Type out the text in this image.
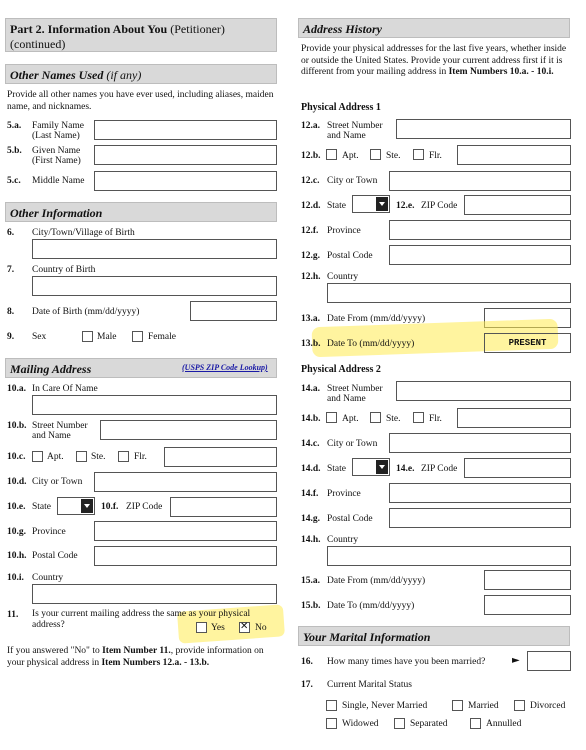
Part 2. Information About You (Petitioner)
(continued)
Other Names Used (if any)
Provide all other names you have ever used, including aliases, maiden name, and nicknames.
5.a. Family Name
(Last Name)
5.b. Given Name
(First Name)
5.c. Middle Name
Other Information
6. City/Town/Village of Birth
7. Country of Birth
8. Date of Birth (mm/dd/yyyy)
9. Sex	Male	Female
Mailing Address	(USPS ZIP Code Lookup)
10.a. In Care Of Name
10.b. Street Number
and Name
10.c. Apt.	Ste.	Flr.
10.d. City or Town
10.e. State	10.f. ZIP Code
10.g. Province
10.h. Postal Code
10.i. Country
11. Is your current mailing address the same as your physical address?	Yes
✕	No
If you answered "No" to Item Number 11., provide information on your physical address in Item Numbers 12.a. - 13.b.
Address History
Provide your physical addresses for the last five years, whether inside or outside the United States. Provide your current address first if it is different from your mailing address in Item Numbers 10.a. - 10.i.
Physical Address 1
12.a. Street Number
and Name
12.b. Apt.	Ste.	Flr.
12.c. City or Town
12.d. State	12.e. ZIP Code
12.f. Province
12.g. Postal Code
12.h. Country
13.a. Date From (mm/dd/yyyy)
13.b. Date To (mm/dd/yyyy)	PRESENT
Physical Address 2
14.a. Street Number
and Name
14.b. Apt.	Ste.	Flr.
14.c. City or Town
14.d. State	14.e. ZIP Code
14.f. Province
14.g. Postal Code
14.h. Country
15.a. Date From (mm/dd/yyyy)
15.b. Date To (mm/dd/yyyy)
Your Marital Information
16. How many times have you been married?	►
17. Current Marital Status
Single, Never Married	Married	Divorced
Widowed	Separated	Annulled
